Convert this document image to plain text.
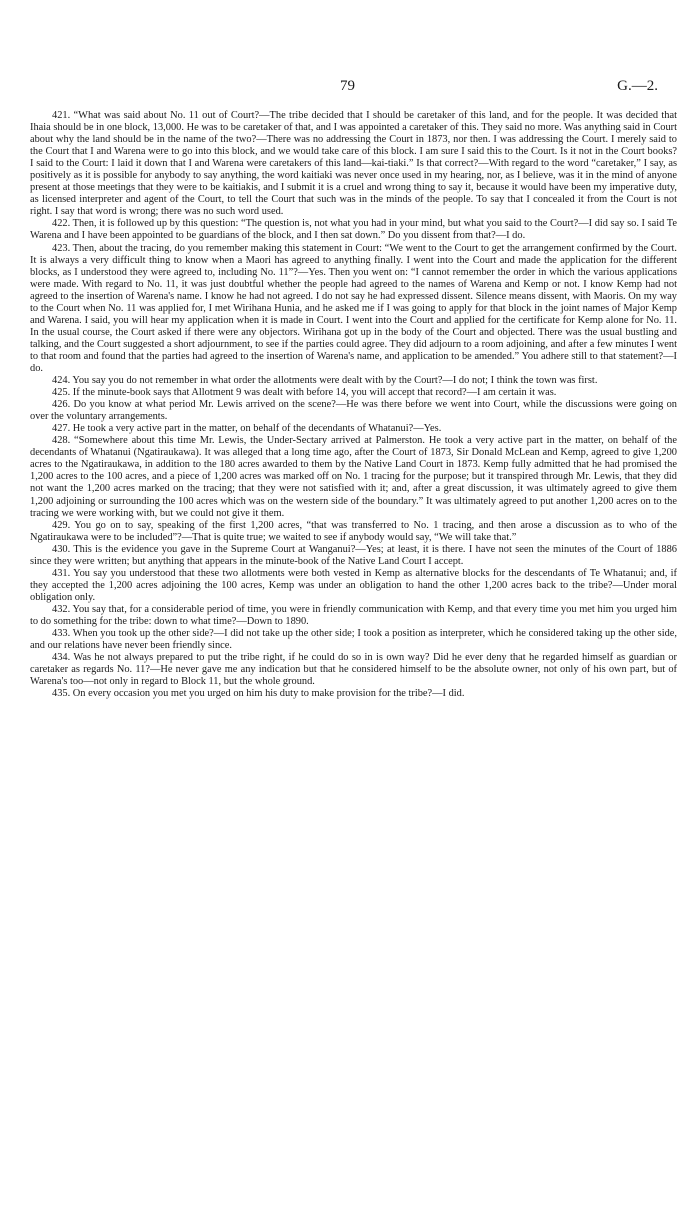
79	G.—2.

421. “What was said about No. 11 out of Court?—The tribe decided that I should be caretaker of this land, and for the people. It was decided that Ihaia should be in one block, 13,000. He was to be caretaker of that, and I was appointed a caretaker of this. They said no more. Was anything said in Court about why the land should be in the name of the two?—There was no addressing the Court in 1873, nor then. I was addressing the Court. I merely said to the Court that I and Warena were to go into this block, and we would take care of this block. I am sure I said this to the Court. Is it not in the Court books? I said to the Court: I laid it down that I and Warena were caretakers of this land—kai-tiaki.” Is that correct?—With regard to the word “caretaker,” I say, as positively as it is possible for anybody to say anything, the word kaitiaki was never once used in my hearing, nor, as I believe, was it in the mind of anyone present at those meetings that they were to be kaitiakis, and I submit it is a cruel and wrong thing to say it, because it would have been my imperative duty, as licensed interpreter and agent of the Court, to tell the Court that such was in the minds of the people. To say that I concealed it from the Court is not right. I say that word is wrong; there was no such word used.

422. Then, it is followed up by this question: “The question is, not what you had in your mind, but what you said to the Court?—I did say so. I said Te Warena and I have been appointed to be guardians of the block, and I then sat down.” Do you dissent from that?—I do.

423. Then, about the tracing, do you remember making this statement in Court: “We went to the Court to get the arrangement confirmed by the Court. It is always a very difficult thing to know when a Maori has agreed to anything finally. I went into the Court and made the application for the different blocks, as I understood they were agreed to, including No. 11”?—Yes. Then you went on: “I cannot remember the order in which the various applications were made. With regard to No. 11, it was just doubtful whether the people had agreed to the names of Warena and Kemp or not. I know Kemp had not agreed to the insertion of Warena's name. I know he had not agreed. I do not say he had expressed dissent. Silence means dissent, with Maoris. On my way to the Court when No. 11 was applied for, I met Wirihana Hunia, and he asked me if I was going to apply for that block in the joint names of Major Kemp and Warena. I said, you will hear my application when it is made in Court. I went into the Court and applied for the certificate for Kemp alone for No. 11. In the usual course, the Court asked if there were any objectors. Wirihana got up in the body of the Court and objected. There was the usual bustling and talking, and the Court suggested a short adjournment, to see if the parties could agree. They did adjourn to a room adjoining, and after a few minutes I went to that room and found that the parties had agreed to the insertion of Warena's name, and application to be amended.” You adhere still to that statement?—I do.

424. You say you do not remember in what order the allotments were dealt with by the Court?—I do not; I think the town was first.

425. If the minute-book says that Allotment 9 was dealt with before 14, you will accept that record?—I am certain it was.

426. Do you know at what period Mr. Lewis arrived on the scene?—He was there before we went into Court, while the discussions were going on over the voluntary arrangements.

427. He took a very active part in the matter, on behalf of the decendants of Whatanui?—Yes.

428. “Somewhere about this time Mr. Lewis, the Under-Sectary arrived at Palmerston. He took a very active part in the matter, on behalf of the decendants of Whatanui (Ngatiraukawa). It was alleged that a long time ago, after the Court of 1873, Sir Donald McLean and Kemp, agreed to give 1,200 acres to the Ngatiraukawa, in addition to the 180 acres awarded to them by the Native Land Court in 1873. Kemp fully admitted that he had promised the 1,200 acres to the 100 acres, and a piece of 1,200 acres was marked off on No. 1 tracing for the purpose; but it transpired through Mr. Lewis, that they did not want the 1,200 acres marked on the tracing; that they were not satisfied with it; and, after a great discussion, it was ultimately agreed to give them 1,200 adjoining or surrounding the 100 acres which was on the western side of the boundary.” It was ultimately agreed to put another 1,200 acres on to the tracing we were working with, but we could not give it them.

429. You go on to say, speaking of the first 1,200 acres, “that was transferred to No. 1 tracing, and then arose a discussion as to who of the Ngatiraukawa were to be included”?—That is quite true; we waited to see if anybody would say, “We will take that.”

430. This is the evidence you gave in the Supreme Court at Wanganui?—Yes; at least, it is there. I have not seen the minutes of the Court of 1886 since they were written; but anything that appears in the minute-book of the Native Land Court I accept.

431. You say you understood that these two allotments were both vested in Kemp as alternative blocks for the descendants of Te Whatanui; and, if they accepted the 1,200 acres adjoining the 100 acres, Kemp was under an obligation to hand the other 1,200 acres back to the tribe?—Under moral obligation only.

432. You say that, for a considerable period of time, you were in friendly communication with Kemp, and that every time you met him you urged him to do something for the tribe: down to what time?—Down to 1890.

433. When you took up the other side?—I did not take up the other side; I took a position as interpreter, which he considered taking up the other side, and our relations have never been friendly since.

434. Was he not always prepared to put the tribe right, if he could do so in is own way? Did he ever deny that he regarded himself as guardian or caretaker as regards No. 11?—He never gave me any indication but that he considered himself to be the absolute owner, not only of his own part, but of Warena's too—not only in regard to Block 11, but the whole ground.

435. On every occasion you met you urged on him his duty to make provision for the tribe?—I did.
